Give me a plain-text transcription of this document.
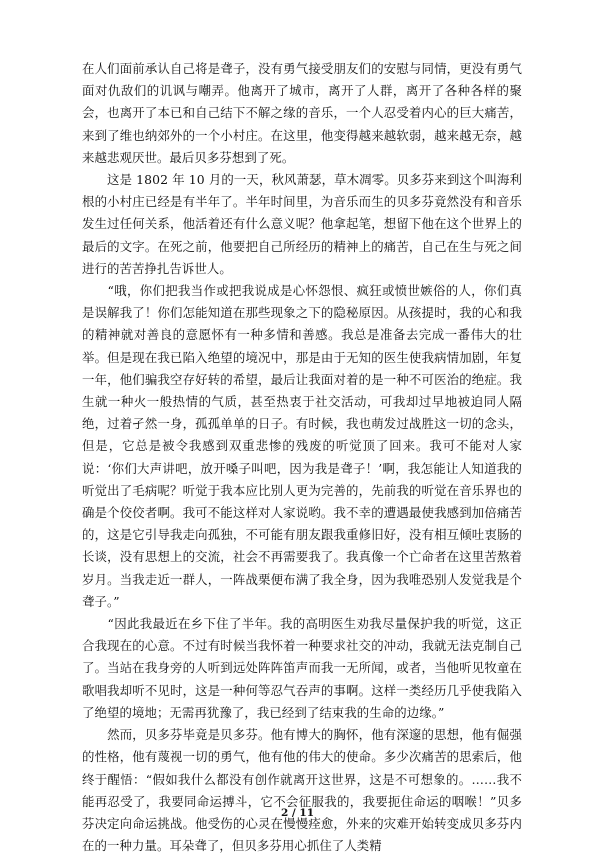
在人们面前承认自己将是聋子，没有勇气接受朋友们的安慰与同情，更没有勇气面对仇敌们的讥讽与嘲弄。他离开了城市，离开了人群，离开了各种各样的聚会，也离开了本已和自己结下不解之缘的音乐，一个人忍受着内心的巨大痛苦，来到了维也纳郊外的一个小村庄。在这里，他变得越来越软弱，越来越无奈，越来越悲观厌世。最后贝多芬想到了死。

　　这是 1802 年 10 月的一天，秋风萧瑟，草木凋零。贝多芬来到这个叫海利根的小村庄已经是有半年了。半年时间里，为音乐而生的贝多芬竟然没有和音乐发生过任何关系，他活着还有什么意义呢？他拿起笔，想留下他在这个世界上的最后的文字。在死之前，他要把自己所经历的精神上的痛苦，自己在生与死之间进行的苦苦挣扎告诉世人。

　　“哦，你们把我当作或把我说成是心怀怨恨、疯狂或愤世嫉俗的人，你们真是误解我了！你们怎能知道在那些现象之下的隐秘原因。从孩提时，我的心和我的精神就对善良的意愿怀有一种多情和善感。我总是准备去完成一番伟大的壮举。但是现在我已陷入绝望的境况中，那是由于无知的医生使我病情加剧，年复一年，他们骗我空存好转的希望，最后让我面对着的是一种不可医治的绝症。我生就一种火一般热情的气质，甚至热衷于社交活动，可我却过早地被迫同人隔绝，过着孑然一身，孤孤单单的日子。有时候，我也萌发过战胜这一切的念头，但是，它总是被令我感到双重悲惨的残废的听觉顶了回来。我可不能对人家说：‘你们大声讲吧，放开嗓子叫吧，因为我是聋子！’啊，我怎能让人知道我的听觉出了毛病呢？听觉于我本应比别人更为完善的，先前我的听觉在音乐界也的确是个佼佼者啊。我可不能这样对人家说哟。我不幸的遭遇最使我感到加倍痛苦的，这是它引导我走向孤独，不可能有朋友跟我重修旧好，没有相互倾吐衷肠的长谈，没有思想上的交流，社会不再需要我了。我真像一个亡命者在这里苦熬着岁月。当我走近一群人，一阵战栗便布满了我全身，因为我唯恐别人发觉我是个聋子。”

　　“因此我最近在乡下住了半年。我的高明医生劝我尽量保护我的听觉，这正合我现在的心意。不过有时候当我怀着一种要求社交的冲动，我就无法克制自己了。当站在我身旁的人听到远处阵阵笛声而我一无所闻，或者，当他听见牧童在歌唱我却听不见时，这是一种何等忍气吞声的事啊。这样一类经历几乎使我陷入了绝望的境地；无需再犹豫了，我已经到了结束我的生命的边缘。”

　　然而，贝多芬毕竟是贝多芬。他有博大的胸怀，他有深邃的思想，他有倔强的性格，他有蔑视一切的勇气，他有他的伟大的使命。多少次痛苦的思索后，他终于醒悟：“假如我什么都没有创作就离开这世界，这是不可想象的。……我不能再忍受了，我要同命运搏斗，它不会征服我的，我要扼住命运的咽喉！”贝多芬决定向命运挑战。他受伤的心灵在慢慢痊愈，外来的灾难开始转变成贝多芬内在的一种力量。耳朵聋了，但贝多芬用心抓住了人类精

2 / 11
